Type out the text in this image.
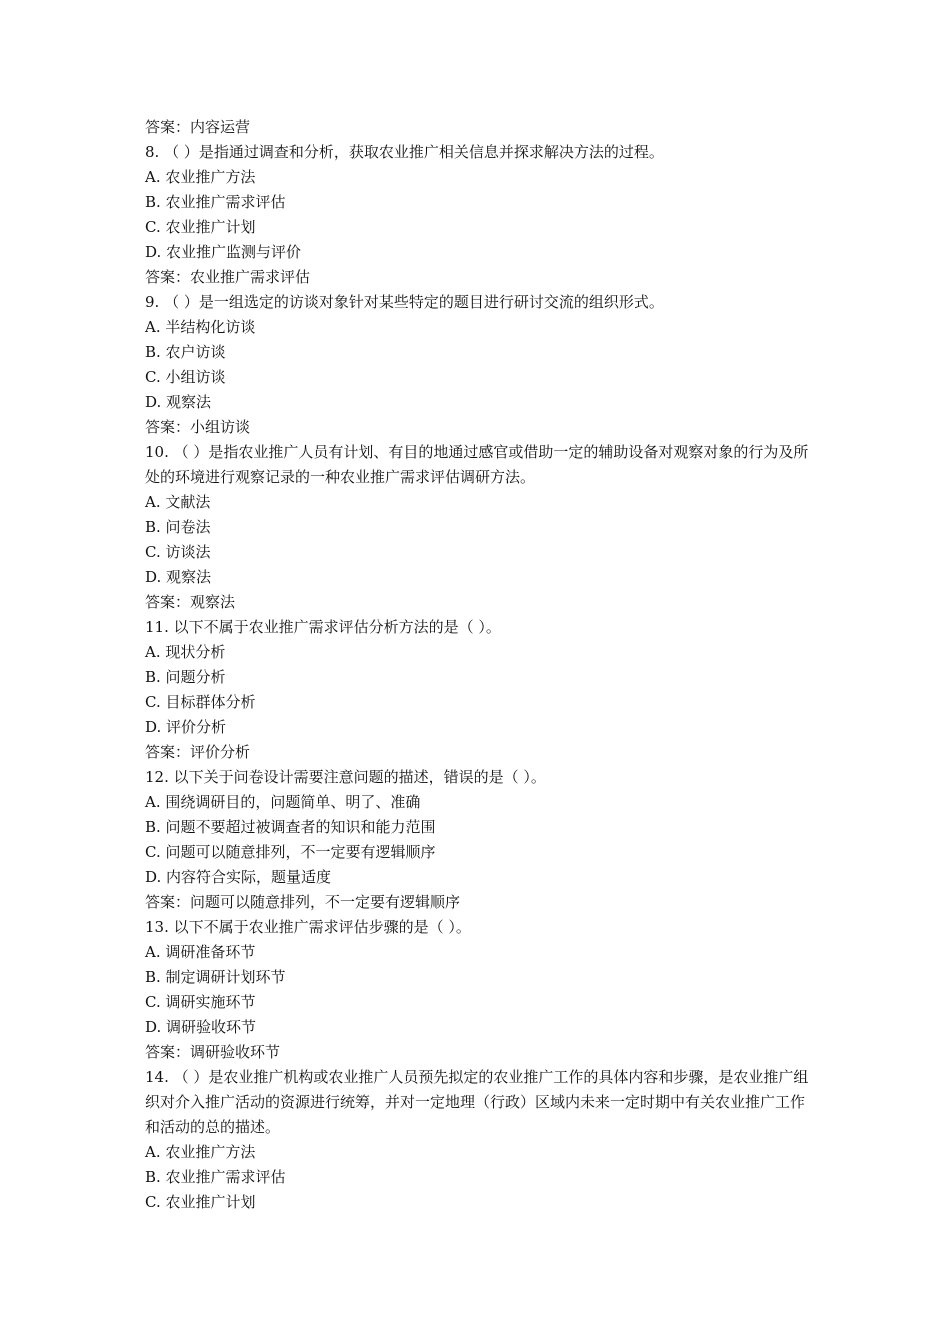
答案：内容运营

8. （ ）是指通过调查和分析，获取农业推广相关信息并探求解决方法的过程。
A. 农业推广方法
B. 农业推广需求评估
C. 农业推广计划
D. 农业推广监测与评价
答案：农业推广需求评估
9. （ ）是一组选定的访谈对象针对某些特定的题目进行研讨交流的组织形式。
A. 半结构化访谈
B. 农户访谈
C. 小组访谈
D. 观察法
答案：小组访谈
10. （ ）是指农业推广人员有计划、有目的地通过感官或借助一定的辅助设备对观察对象的行为及所处的环境进行观察记录的一种农业推广需求评估调研方法。
A. 文献法
B. 问卷法
C. 访谈法
D. 观察法
答案：观察法
11. 以下不属于农业推广需求评估分析方法的是（ ）。
A. 现状分析
B. 问题分析
C. 目标群体分析
D. 评价分析
答案：评价分析
12. 以下关于问卷设计需要注意问题的描述，错误的是（ ）。
A. 围绕调研目的，问题简单、明了、准确
B. 问题不要超过被调查者的知识和能力范围
C. 问题可以随意排列，不一定要有逻辑顺序
D. 内容符合实际，题量适度
答案：问题可以随意排列，不一定要有逻辑顺序
13. 以下不属于农业推广需求评估步骤的是（ ）。
A. 调研准备环节
B. 制定调研计划环节
C. 调研实施环节
D. 调研验收环节
答案：调研验收环节
14. （ ）是农业推广机构或农业推广人员预先拟定的农业推广工作的具体内容和步骤，是农业推广组织对介入推广活动的资源进行统筹，并对一定地理（行政）区域内未来一定时期中有关农业推广工作和活动的总的描述。
A. 农业推广方法
B. 农业推广需求评估
C. 农业推广计划
